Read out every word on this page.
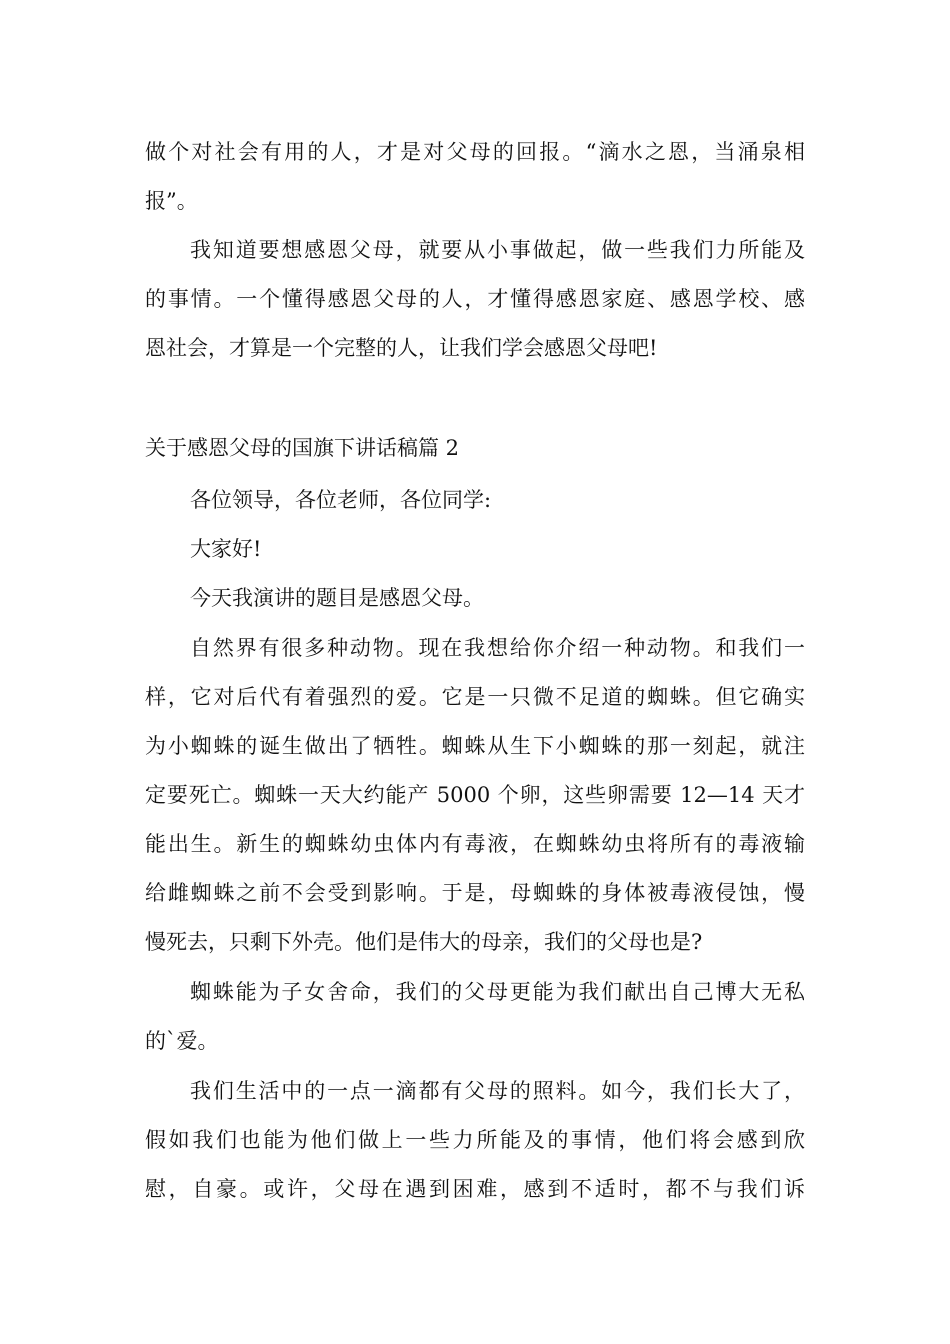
做个对社会有用的人，才是对父母的回报。“滴水之恩，当涌泉相

报”。

我知道要想感恩父母，就要从小事做起，做一些我们力所能及

的事情。一个懂得感恩父母的人，才懂得感恩家庭、感恩学校、感

恩社会，才算是一个完整的人，让我们学会感恩父母吧!

关于感恩父母的国旗下讲话稿篇 2

各位领导，各位老师，各位同学:

大家好!

今天我演讲的题目是感恩父母。

自然界有很多种动物。现在我想给你介绍一种动物。和我们一

样，它对后代有着强烈的爱。它是一只微不足道的蜘蛛。但它确实

为小蜘蛛的诞生做出了牺牲。蜘蛛从生下小蜘蛛的那一刻起，就注

定要死亡。蜘蛛一天大约能产 5000 个卵，这些卵需要 12—14 天才

能出生。新生的蜘蛛幼虫体内有毒液，在蜘蛛幼虫将所有的毒液输

给雌蜘蛛之前不会受到影响。于是，母蜘蛛的身体被毒液侵蚀，慢

慢死去，只剩下外壳。他们是伟大的母亲，我们的父母也是?

蜘蛛能为子女舍命，我们的父母更能为我们献出自己博大无私

的`爱。

我们生活中的一点一滴都有父母的照料。如今，我们长大了，

假如我们也能为他们做上一些力所能及的事情，他们将会感到欣

慰，自豪。或许，父母在遇到困难，感到不适时，都不与我们诉
